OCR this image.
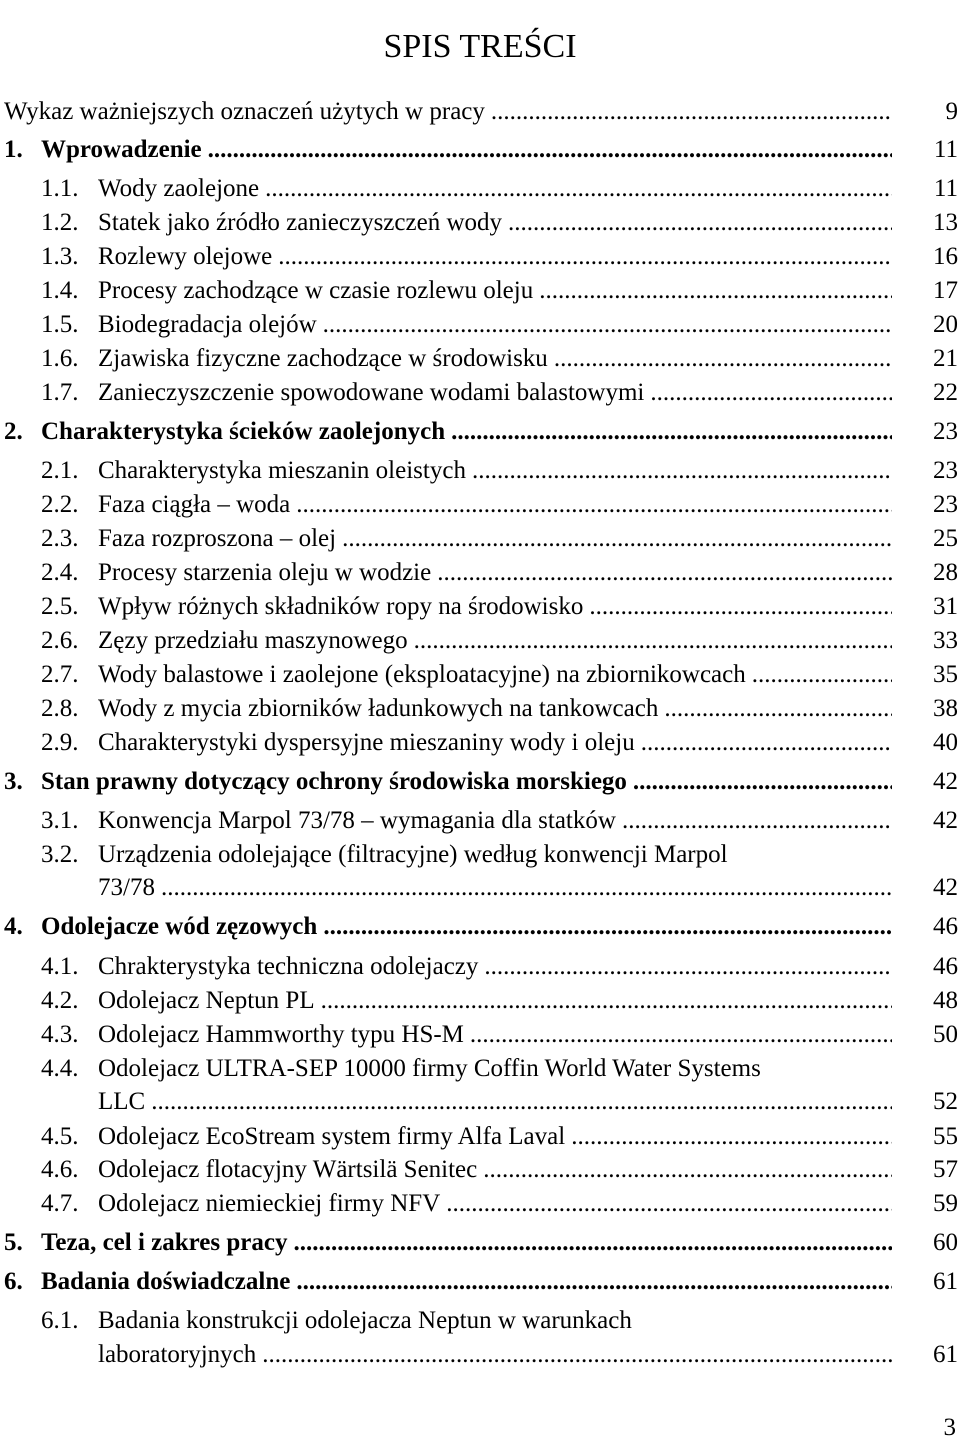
SPIS TREŚCI
Wykaz ważniejszych oznaczeń użytych w pracy .....	9
1. Wprowadzenie .....	11
1.1. Wody zaolejone .....	11
1.2. Statek jako źródło zanieczyszczeń wody .....	13
1.3. Rozlewy olejowe .....	16
1.4. Procesy zachodzące w czasie rozlewu oleju .....	17
1.5. Biodegradacja olejów .....	20
1.6. Zjawiska fizyczne zachodzące w środowisku .....	21
1.7. Zanieczyszczenie spowodowane wodami balastowymi .....	22
2. Charakterystyka ścieków zaolejonych .....	23
2.1. Charakterystyka mieszanin oleistych .....	23
2.2. Faza ciągła – woda .....	23
2.3. Faza rozproszona – olej .....	25
2.4. Procesy starzenia oleju w wodzie .....	28
2.5. Wpływ różnych składników ropy na środowisko .....	31
2.6. Zęzy przedziału maszynowego .....	33
2.7. Wody balastowe i zaolejone (eksploatacyjne) na zbiornikowcach .....	35
2.8. Wody z mycia zbiorników ładunkowych na tankowcach .....	38
2.9. Charakterystyki dyspersyjne mieszaniny wody i oleju .....	40
3. Stan prawny dotyczący ochrony środowiska morskiego .....	42
3.1. Konwencja Marpol 73/78 – wymagania dla statków .....	42
3.2. Urządzenia odolejające (filtracyjne) według konwencji Marpol
73/78 .....	42
4. Odolejacze wód zęzowych .....	46
4.1. Chrakterystyka techniczna odolejaczy .....	46
4.2. Odolejacz Neptun PL .....	48
4.3. Odolejacz Hammworthy typu HS-M .....	50
4.4. Odolejacz ULTRA-SEP 10000 firmy Coffin World Water Systems
LLC .....	52
4.5. Odolejacz EcoStream system firmy Alfa Laval .....	55
4.6. Odolejacz flotacyjny Wärtsilä Senitec .....	57
4.7. Odolejacz niemieckiej firmy NFV .....	59
5. Teza, cel i zakres pracy .....	60
6. Badania doświadczalne .....	61
6.1. Badania konstrukcji odolejacza Neptun w warunkach
laboratoryjnych .....	61
3
